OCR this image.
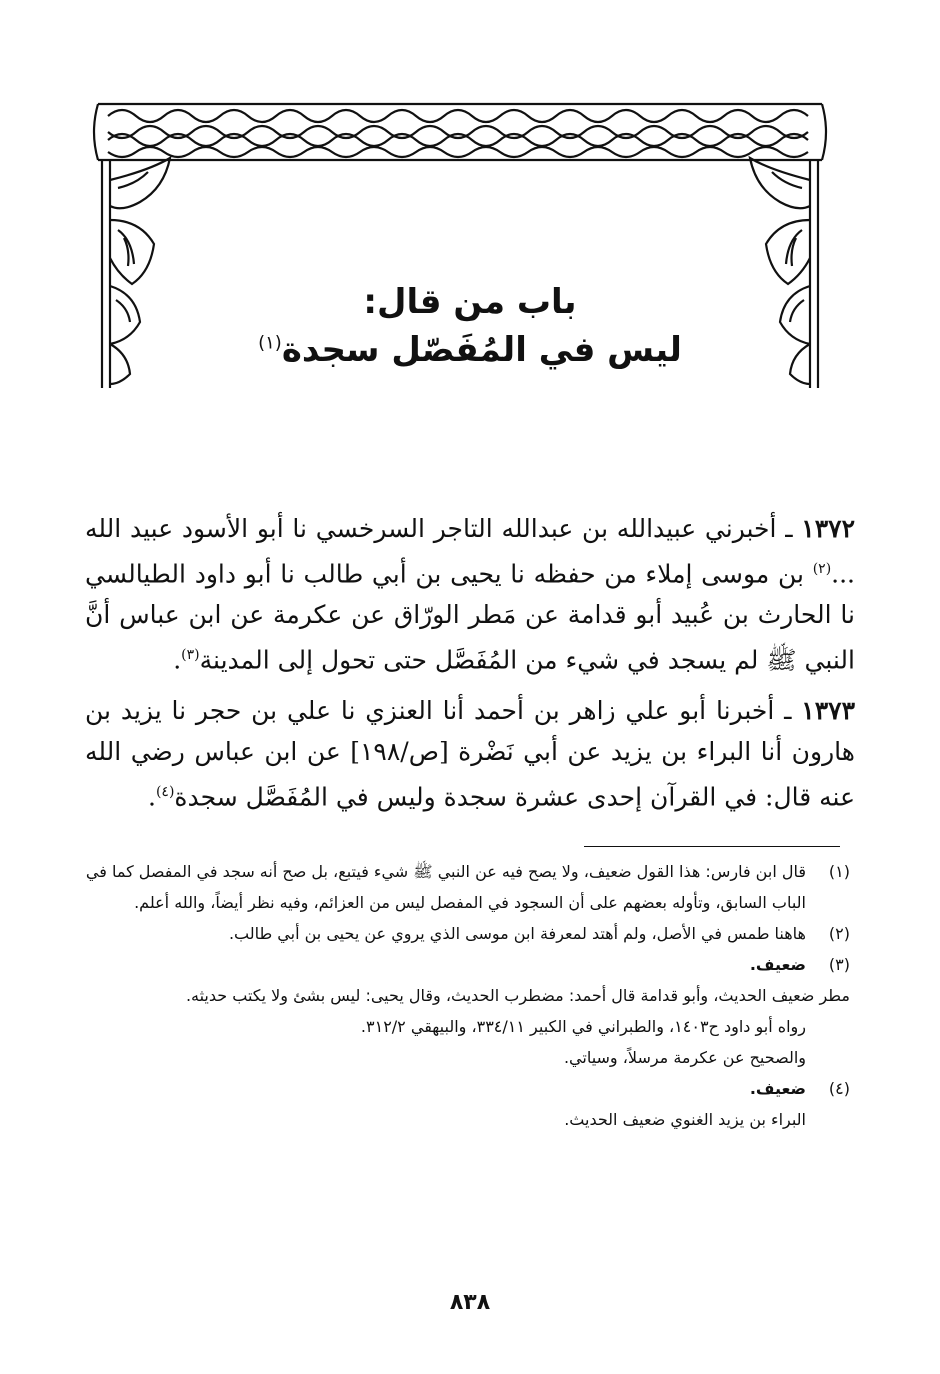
باب من قال:
ليس في المُفَصّل سجدة$^{(١)}$

١٣٧٢ ـ أخبرني عبيدالله بن عبدالله التاجر السرخسي نا أبو الأسود عبيد الله ...$^{(٢)}$ بن موسى إملاء من حفظه نا يحيى بن أبي طالب نا أبو داود الطيالسي نا الحارث بن عُبيد أبو قدامة عن مَطر الورّاق عن عكرمة عن ابن عباس أنَّ النبي ﷺ لم يسجد في شيء من المُفَصَّل حتى تحول إلى المدينة$^{(٣)}$.

١٣٧٣ ـ أخبرنا أبو علي زاهر بن أحمد أنا العنزي نا علي بن حجر نا يزيد بن هارون أنا البراء بن يزيد عن أبي نَضْرة [ص/١٩٨] عن ابن عباس رضي الله عنه قال: في القرآن إحدى عشرة سجدة وليس في المُفَصَّل سجدة$^{(٤)}$.

(١)
قال ابن فارس: هذا القول ضعيف، ولا يصح فيه عن النبي ﷺ شيء فيتبع، بل صح أنه سجد في المفصل كما في الباب السابق، وتأوله بعضهم على أن السجود في المفصل ليس من العزائم، وفيه نظر أيضاً، والله أعلم.

(٢)
هاهنا طمس في الأصل، ولم أهتد لمعرفة ابن موسى الذي يروي عن يحيى بن أبي طالب.

(٣)
ضعيف.
مطر ضعيف الحديث، وأبو قدامة قال أحمد: مضطرب الحديث، وقال يحيى: ليس بشئ ولا يكتب حديثه.
رواه أبو داود ح١٤٠٣، والطبراني في الكبير ٣٣٤/١١، والبيهقي ٣١٢/٢.
والصحيح عن عكرمة مرسلاً، وسياتي.
(٤)
ضعيف.
البراء بن يزيد الغنوي ضعيف الحديث.
٨٣٨
